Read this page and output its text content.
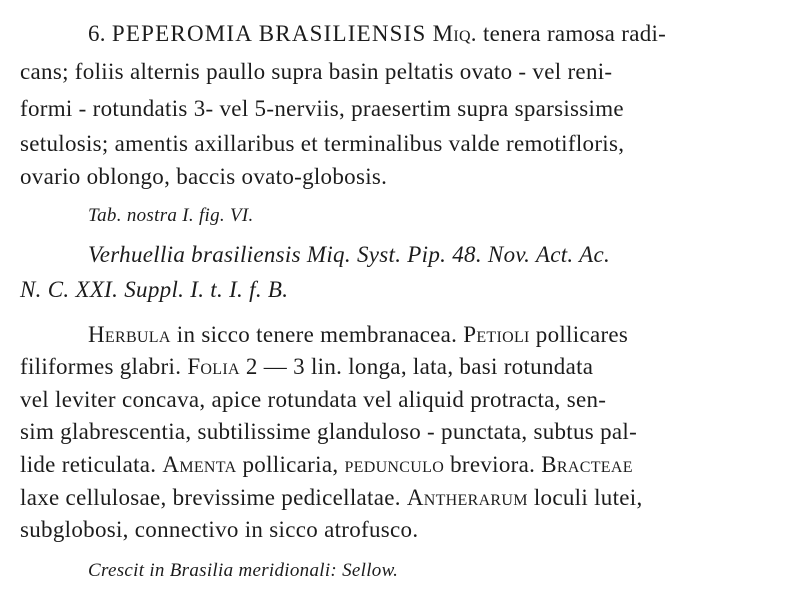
6. PEPEROMIA BRASILIENSIS Miq. tenera ramosa radi-
cans; foliis alternis paullo supra basin peltatis ovato - vel reni-
formi - rotundatis 3- vel 5-nerviis, praesertim supra sparsissime
setulosis; amentis axillaribus et terminalibus valde remotifloris,
ovario oblongo, baccis ovato-globosis.
Tab. nostra I. fig. VI.
Verhuellia brasiliensis Miq. Syst. Pip. 48. Nov. Act. Ac.
N. C. XXI. Suppl. I. t. I. f. B.
Herbula in sicco tenere membranacea. Petioli pollicares
filiformes glabri. Folia 2 — 3 lin. longa, lata, basi rotundata
vel leviter concava, apice rotundata vel aliquid protracta, sen-
sim glabrescentia, subtilissime glanduloso - punctata, subtus pal-
lide reticulata. Amenta pollicaria, pedunculo breviora. Bracteae
laxe cellulosae, brevissime pedicellatae. Antherarum loculi lutei,
subglobosi, connectivo in sicco atrofusco.
Crescit in Brasilia meridionali: Sellow.
